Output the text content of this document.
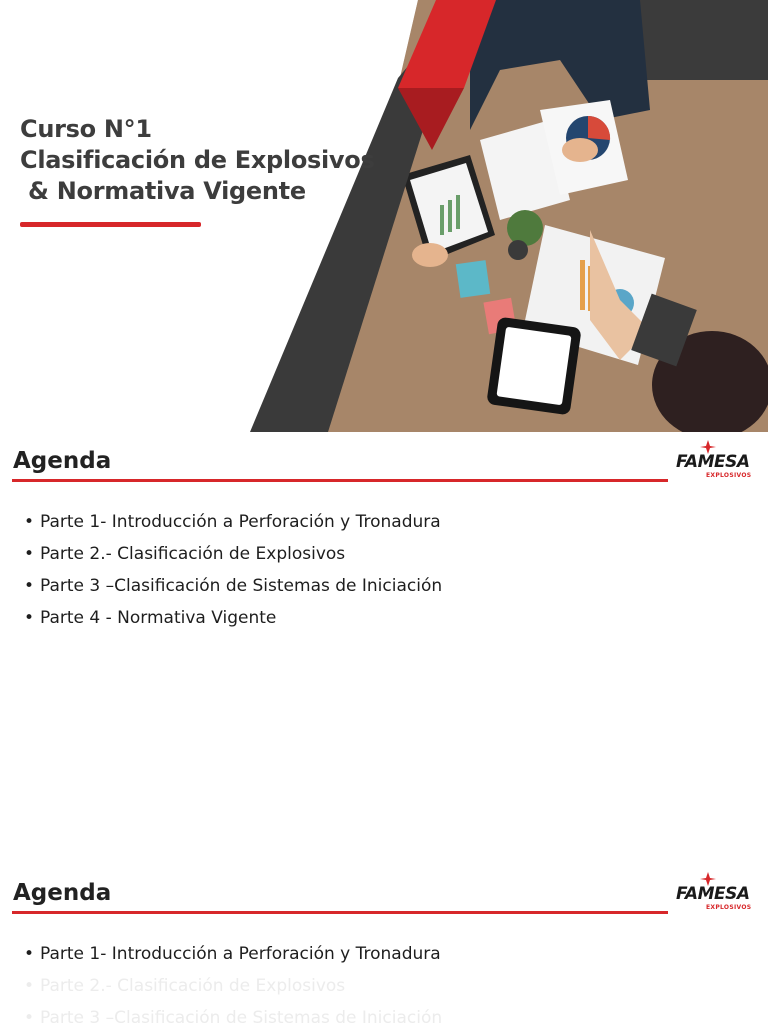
Curso N°1
Clasificación de Explosivos
& Normativa Vigente
Agenda	FAMESA
EXPLOSIVOS
• Parte 1- Introducción a Perforación y Tronadura
• Parte 2.- Clasificación de Explosivos
• Parte 3 –Clasificación de Sistemas de Iniciación
• Parte 4 - Normativa Vigente
Agenda	FAMESA
EXPLOSIVOS
• Parte 1- Introducción a Perforación y Tronadura
• Parte 2.- Clasificación de Explosivos
• Parte 3 –Clasificación de Sistemas de Iniciación
